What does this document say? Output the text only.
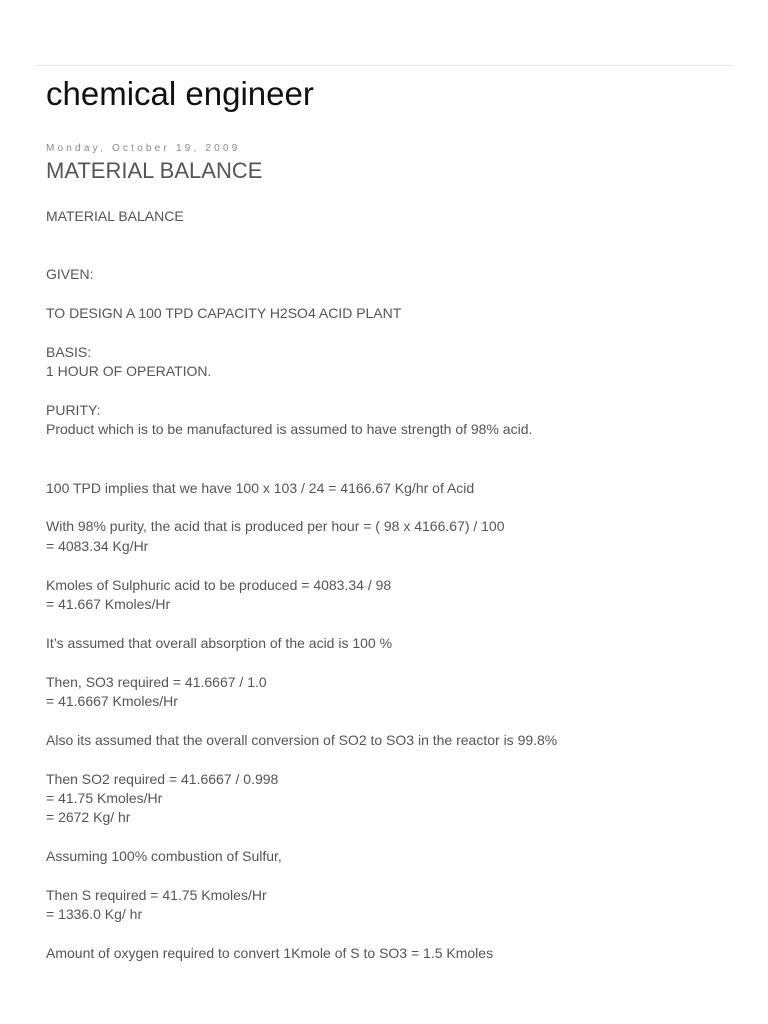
chemical engineer
Monday, October 19, 2009
MATERIAL BALANCE
MATERIAL BALANCE
GIVEN:
TO DESIGN A 100 TPD CAPACITY H2SO4 ACID PLANT
BASIS:
1 HOUR OF OPERATION.
PURITY:
Product which is to be manufactured is assumed to have strength of 98% acid.
100 TPD implies that we have 100 x 103 / 24 = 4166.67 Kg/hr of Acid
With 98% purity, the acid that is produced per hour = ( 98 x 4166.67) / 100
= 4083.34 Kg/Hr
Kmoles of Sulphuric acid to be produced = 4083.34 / 98
= 41.667 Kmoles/Hr
It’s assumed that overall absorption of the acid is 100 %
Then, SO3 required = 41.6667 / 1.0
= 41.6667 Kmoles/Hr
Also its assumed that the overall conversion of SO2 to SO3 in the reactor is 99.8%
Then SO2 required = 41.6667 / 0.998
= 41.75 Kmoles/Hr
= 2672 Kg/ hr
Assuming 100% combustion of Sulfur,
Then S required = 41.75 Kmoles/Hr
= 1336.0 Kg/ hr
Amount of oxygen required to convert 1Kmole of S to SO3 = 1.5 Kmoles
